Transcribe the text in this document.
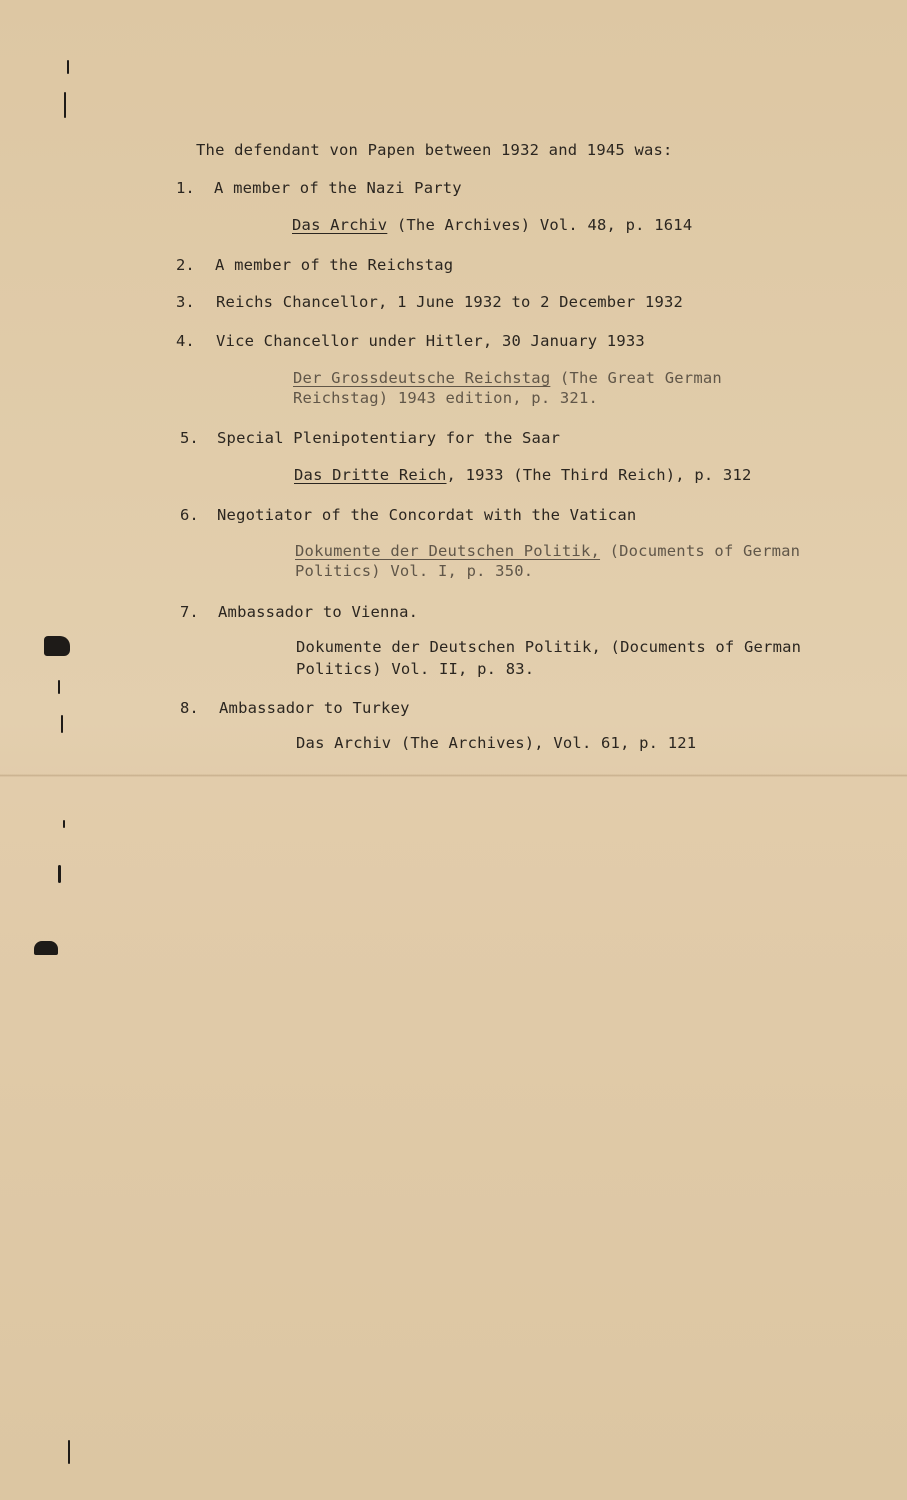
The defendant von Papen between 1932 and 1945 was:
1. A member of the Nazi Party
Das Archiv (The Archives) Vol. 48, p. 1614
2. A member of the Reichstag
3. Reichs Chancellor, 1 June 1932 to 2 December 1932
4. Vice Chancellor under Hitler, 30 January 1933
Der Grossdeutsche Reichstag (The Great German
Reichstag) 1943 edition, p. 321.
5. Special Plenipotentiary for the Saar
Das Dritte Reich, 1933 (The Third Reich), p. 312
6. Negotiator of the Concordat with the Vatican
Dokumente der Deutschen Politik, (Documents of German
Politics) Vol. I, p. 350.
7. Ambassador to Vienna.
Dokumente der Deutschen Politik, (Documents of German
Politics) Vol. II, p. 83.
8. Ambassador to Turkey
Das Archiv (The Archives), Vol. 61, p. 121
